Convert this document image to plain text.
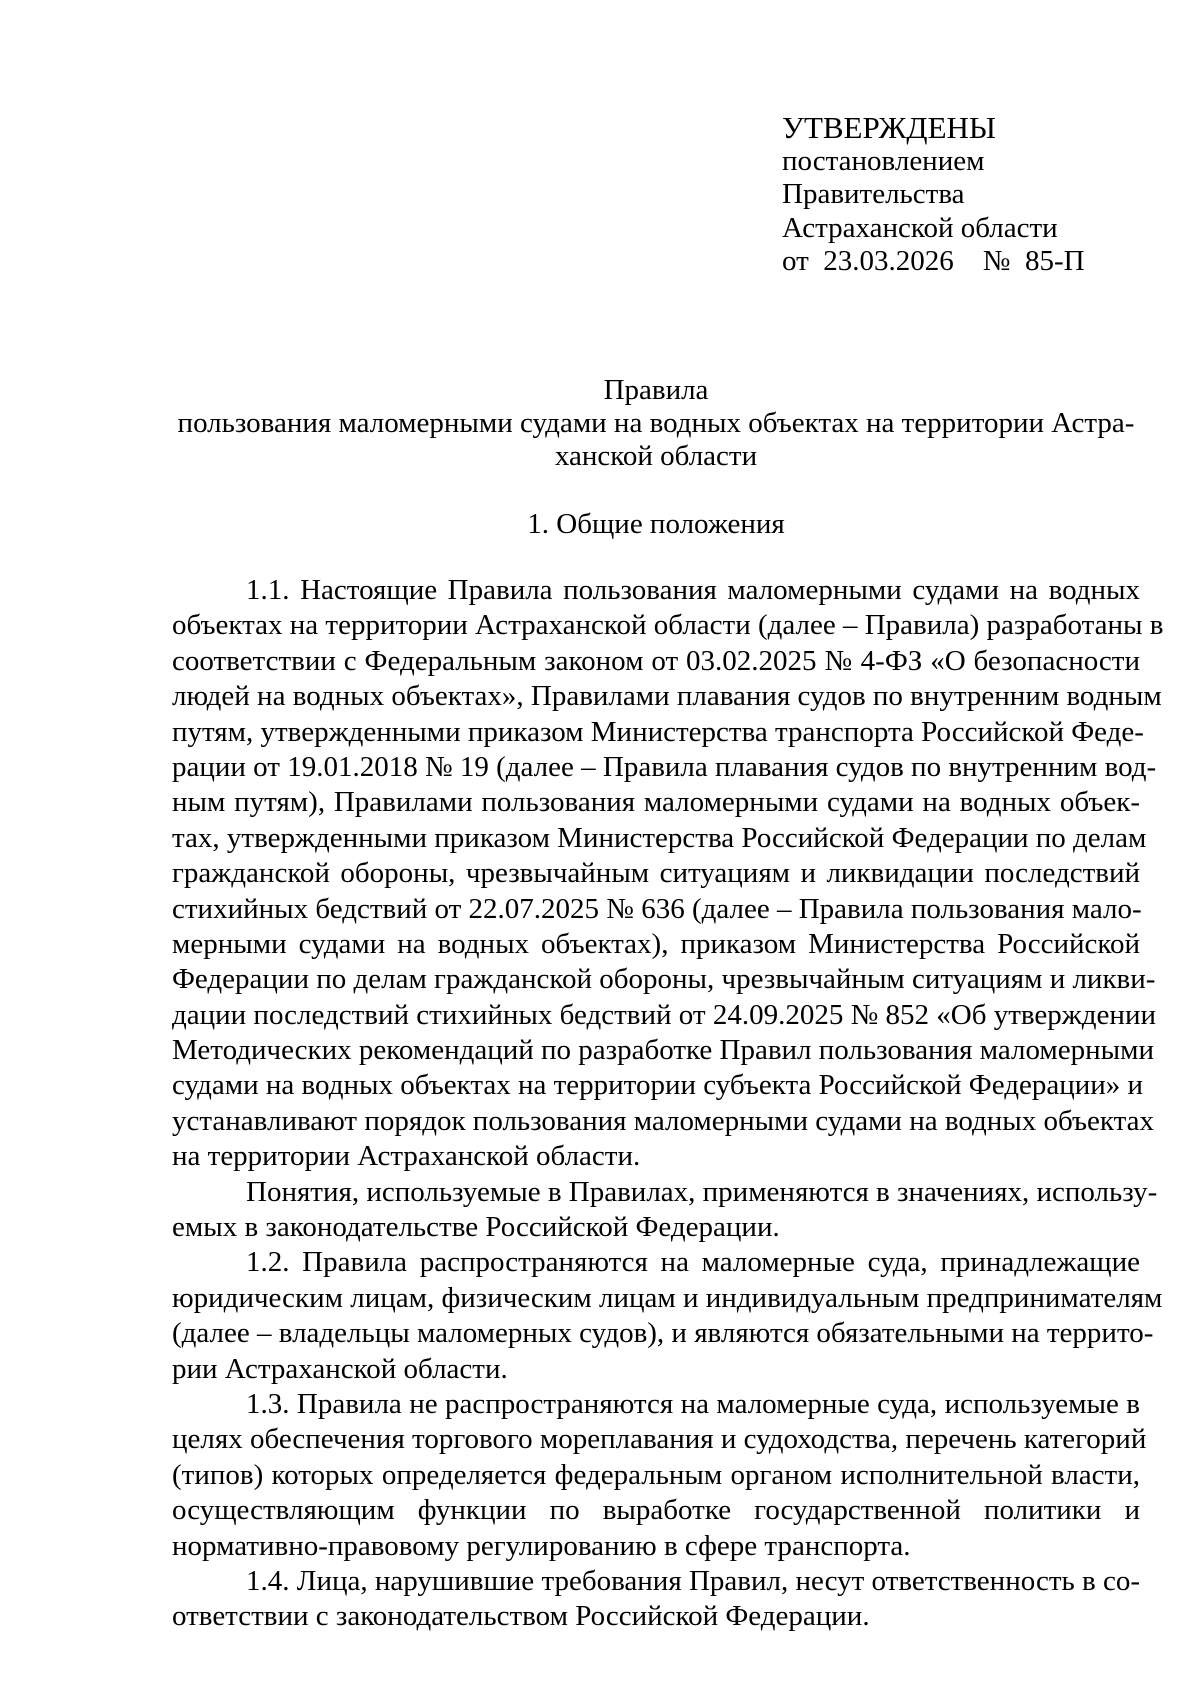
УТВЕРЖДЕНЫ
постановлением
Правительства
Астраханской области
от  23.03.2026    №  85-П
Правила
пользования маломерными судами на водных объектах на территории Астра-
ханской области
1. Общие положения
1.1. Настоящие Правила пользования маломерными судами на водных
объектах на территории Астраханской области (далее – Правила) разработаны в
соответствии с Федеральным законом от 03.02.2025 № 4-ФЗ «О безопасности
людей на водных объектах», Правилами плавания судов по внутренним водным
путям, утвержденными приказом Министерства транспорта Российской Феде-
рации от 19.01.2018 № 19 (далее – Правила плавания судов по внутренним вод-
ным путям), Правилами пользования маломерными судами на водных объек-
тах, утвержденными приказом Министерства Российской Федерации по делам
гражданской обороны, чрезвычайным ситуациям и ликвидации последствий
стихийных бедствий от 22.07.2025 № 636 (далее – Правила пользования мало-
мерными судами на водных объектах), приказом Министерства Российской
Федерации по делам гражданской обороны, чрезвычайным ситуациям и ликви-
дации последствий стихийных бедствий от 24.09.2025 № 852 «Об утверждении
Методических рекомендаций по разработке Правил пользования маломерными
судами на водных объектах на территории субъекта Российской Федерации» и
устанавливают порядок пользования маломерными судами на водных объектах
на территории Астраханской области.
Понятия, используемые в Правилах, применяются в значениях, использу-
емых в законодательстве Российской Федерации.
1.2. Правила распространяются на маломерные суда, принадлежащие
юридическим лицам, физическим лицам и индивидуальным предпринимателям
(далее – владельцы маломерных судов), и являются обязательными на террито-
рии Астраханской области.
1.3. Правила не распространяются на маломерные суда, используемые в
целях обеспечения торгового мореплавания и судоходства, перечень категорий
(типов) которых определяется федеральным органом исполнительной власти,
осуществляющим функции по выработке государственной политики и
нормативно-правовому регулированию в сфере транспорта.
1.4. Лица, нарушившие требования Правил, несут ответственность в со-
ответствии с законодательством Российской Федерации.
